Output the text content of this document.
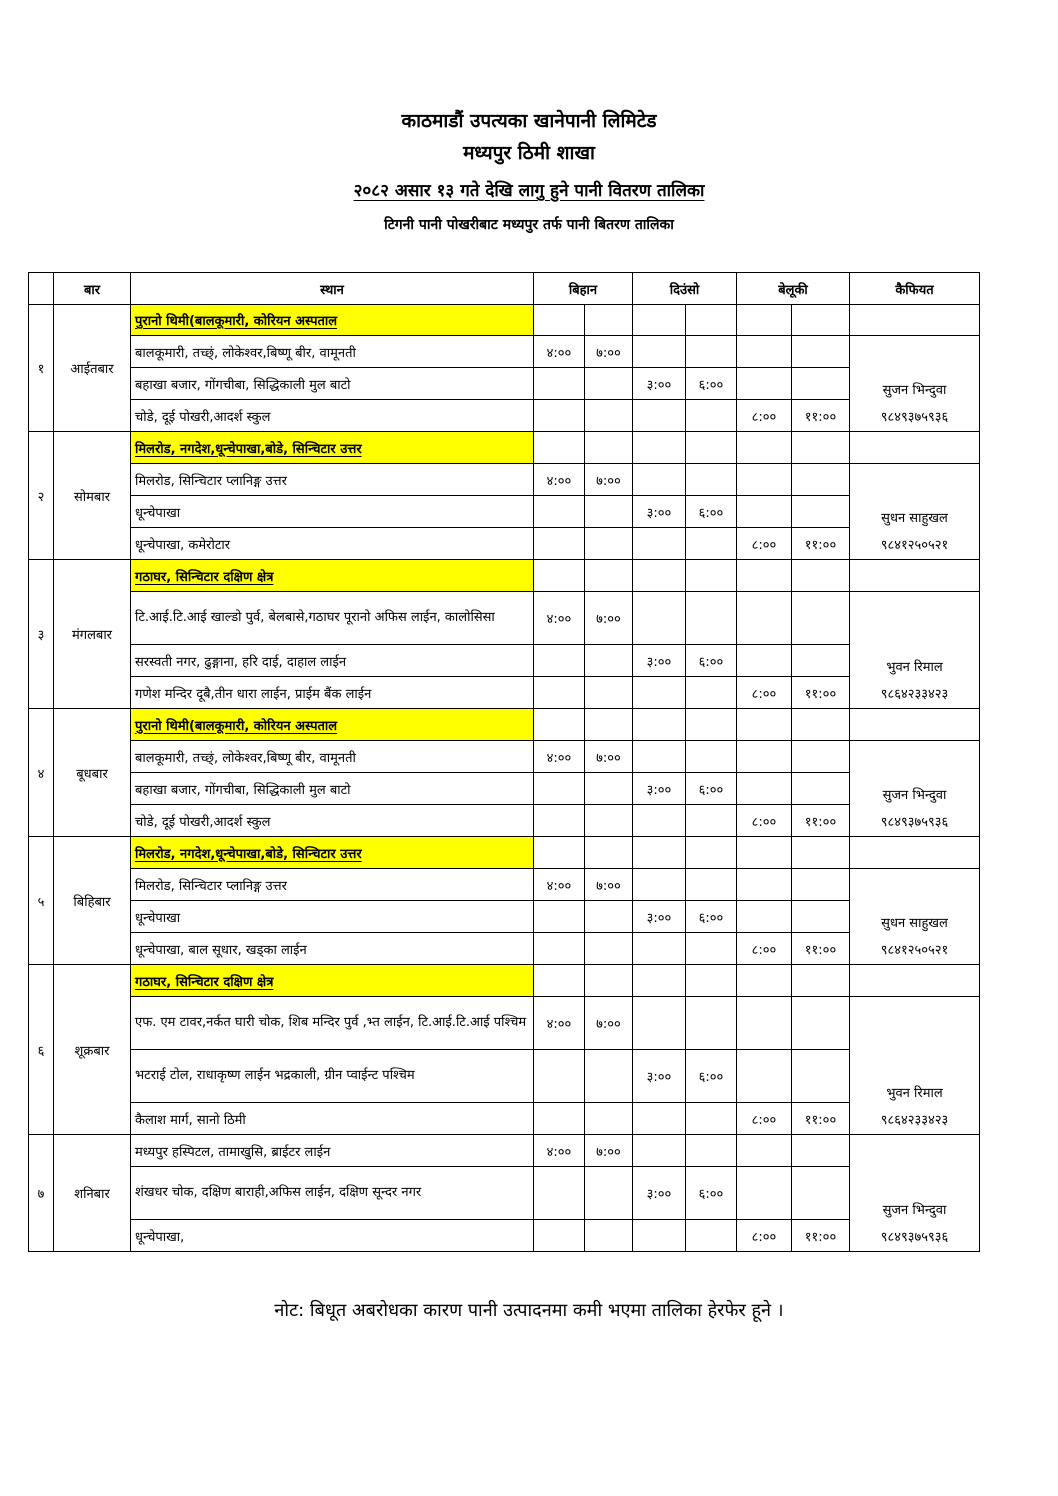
काठमाडौं उपत्यका खानेपानी लिमिटेड
मध्यपुर ठिमी शाखा
२०८२ असार १३ गते देखि लागु हुने पानी वितरण तालिका
टिगनी पानी पोखरीबाट मध्यपुर तर्फ पानी बितरण तालिका
	बार	स्थान	बिहान		दिउंसो		बेलूकी		कैफियत
१	आईतबार	पुरानो थिमी(बालकूमारी, कोरियन अस्पताल							
		बालकूमारी, तच्छ्ं, लोकेश्वर,बिष्णू बीर, वामूनती	४:००	७:००					सुजन भिन्दुवा
९८४९३७५९३६

		बहाखा बजार, गोंगचीबा, सिद्धिकाली मुल बाटो			३:००	६:००			
		चोडे, दूई पोखरी,आदर्श स्कुल					८:००	११:००	
२	सोमबार	मिलरोड, नगदेश,धून्चेपाखा,बोडे, सिन्चिटार उत्तर							
		मिलरोड, सिन्चिटार प्लानिङ्ग उत्तर	४:००	७:००					सुधन साहुखल
९८४१२५०५२१

		धून्चेपाखा			३:००	६:००			
		धून्चेपाखा, कमेरोटार					८:००	११:००	
३	मंगलबार	गठाघर, सिन्चिटार दक्षिण क्षेत्र							
		टि.आई.टि.आई खाल्डो पुर्व, बेलबासे,गठाघर पूरानो अफिस लाईन, कालोसिसा	४:००	७:००					भुवन रिमाल
९८६४२३३४२३

		सरस्वती नगर, ढुङ्गाना, हरि दाई, दाहाल लाईन			३:००	६:००			
		गणेश मन्दिर दूबै,तीन धारा लाईन, प्राईम बैंक लाईन					८:००	११:००	
४	बूधबार	पुरानो थिमी(बालकूमारी, कोरियन अस्पताल							
		बालकूमारी, तच्छ्ं, लोकेश्वर,बिष्णू बीर, वामूनती	४:००	७:००					सुजन भिन्दुवा
९८४९३७५९३६

		बहाखा बजार, गोंगचीबा, सिद्धिकाली मुल बाटो			३:००	६:००			
		चोडे, दूई पोखरी,आदर्श स्कुल					८:००	११:००	
५	बिहिबार	मिलरोड, नगदेश,धून्चेपाखा,बोडे, सिन्चिटार उत्तर							
		मिलरोड, सिन्चिटार प्लानिङ्ग उत्तर	४:००	७:००					सुधन साहुखल
९८४१२५०५२१

		धून्चेपाखा			३:००	६:००			
		धून्चेपाखा, बाल सूधार, खड्का लाईन					८:००	११:००	
६	शूक्रबार	गठाघर, सिन्चिटार दक्षिण क्षेत्र							
		एफ. एम टावर,नर्कत घारी चोक, शिब मन्दिर पुर्व ,भ्त लाईन, टि.आई.टि.आई पश्चिम	४:००	७:००					भुवन रिमाल
९८६४२३३४२३

		भटराई टोल, राधाकृष्ण लाईन भद्रकाली, ग्रीन प्वाईन्ट पश्चिम			३:००	६:००			
		कैलाश मार्ग, सानो ठिमी					८:००	११:००	
७	शनिबार	मध्यपुर हस्पिटल, तामाखुसि, ब्राईटर लाईन	४:००	७:००					सुजन भिन्दुवा
९८४९३७५९३६

		शंखधर चोक, दक्षिण बाराही,अफिस लाईन, दक्षिण सून्दर नगर			३:००	६:००			
		धून्चेपाखा,					८:००	११:००	
नोट: बिधूत अबरोधका कारण पानी उत्पादनमा कमी भएमा तालिका हेरफेर हूने ।
